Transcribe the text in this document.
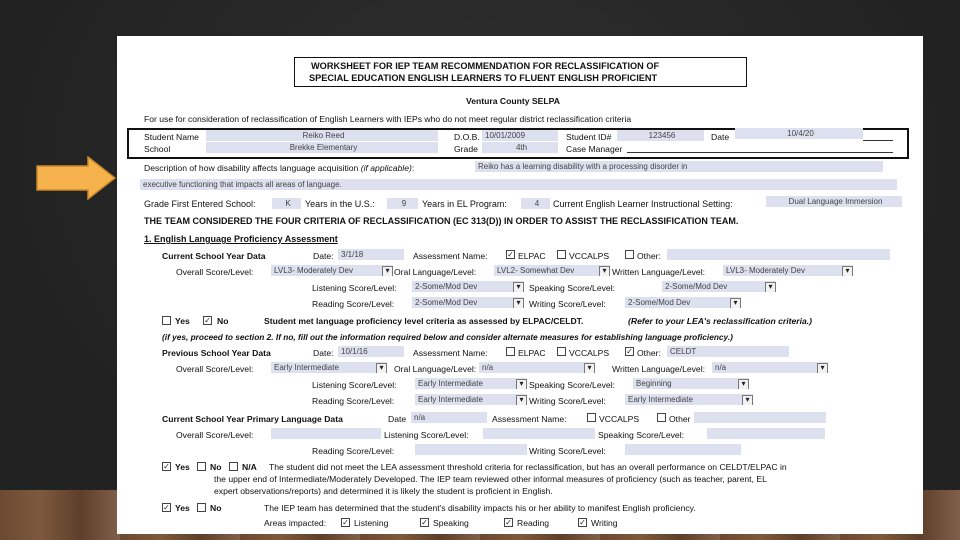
WORKSHEET FOR IEP TEAM RECOMMENDATION FOR RECLASSIFICATION OF
SPECIAL EDUCATION ENGLISH LEARNERS TO FLUENT ENGLISH PROFICIENT
Ventura County SELPA
For use for consideration of reclassification of English Learners with IEPs who do not meet regular district reclassification criteria
Student Name	Reiko Reed	D.O.B. 10/01/2009	Student ID#	123456	Date	10/4/20
School	Brekke Elementary	Grade	4th	Case Manager
Description of how disability affects language acquisition (if applicable):	Reiko has a learning disability with a processing disorder in
executive functioning that impacts all areas of language.
Grade First Entered School:	K	Years in the U.S.:	9	Years in EL Program:	4	Current English Learner Instructional Setting:	Dual Language Immersion
THE TEAM CONSIDERED THE FOUR CRITERIA OF RECLASSIFICATION (EC 313(D)) IN ORDER TO ASSIST THE RECLASSIFICATION TEAM.
1. English Language Proficiency Assessment
Current School Year Data	Date: 3/1/18	Assessment Name: ✓ ELPAC	VCCALPS	Other:
Overall Score/Level:	LVL3- Moderately Dev ▾	Oral Language/Level:	LVL2- Somewhat Dev ▾	Written Language/Level:	LVL3- Moderately Dev ▾
Listening Score/Level:	2-Some/Mod Dev ▾	Speaking Score/Level:	2-Some/Mod Dev ▾
Reading Score/Level:	2-Some/Mod Dev ▾	Writing Score/Level:	2-Some/Mod Dev ▾
Yes ✓ No	Student met language proficiency level criteria as assessed by ELPAC/CELDT.	(Refer to your LEA's reclassification criteria.)
(if yes, proceed to section 2. If no, fill out the information required below and consider alternate measures for establishing language proficiency.)
Previous School Year Data	Date: 10/1/16	Assessment Name:	ELPAC	VCCALPS ✓ Other:	CELDT
Overall Score/Level:	Early Intermediate ▾	Oral Language/Level: n/a ▾	Written Language/Level:	n/a ▾
Listening Score/Level:	Early Intermediate ▾	Speaking Score/Level:	Beginning ▾
Reading Score/Level:	Early Intermediate ▾	Writing Score/Level:	Early Intermediate ▾
Current School Year Primary Language Data	Date n/a	Assessment Name:	VCCALPS	Other
Overall Score/Level:	Listening Score/Level:	Speaking Score/Level:
Reading Score/Level:	Writing Score/Level:
✓ Yes No N/A The student did not meet the LEA assessment threshold criteria for reclassification, but has an overall performance on CELDT/ELPAC in
the upper end of Intermediate/Moderately Developed. The IEP team reviewed other informal measures of proficiency (such as teacher, parent, EL
expert observations/reports) and determined it is likely the student is proficient in English.
✓ Yes No	The IEP team has determined that the student's disability impacts his or her ability to manifest English proficiency.
Areas impacted: ✓ Listening	✓ Speaking	✓ Reading	✓ Writing
